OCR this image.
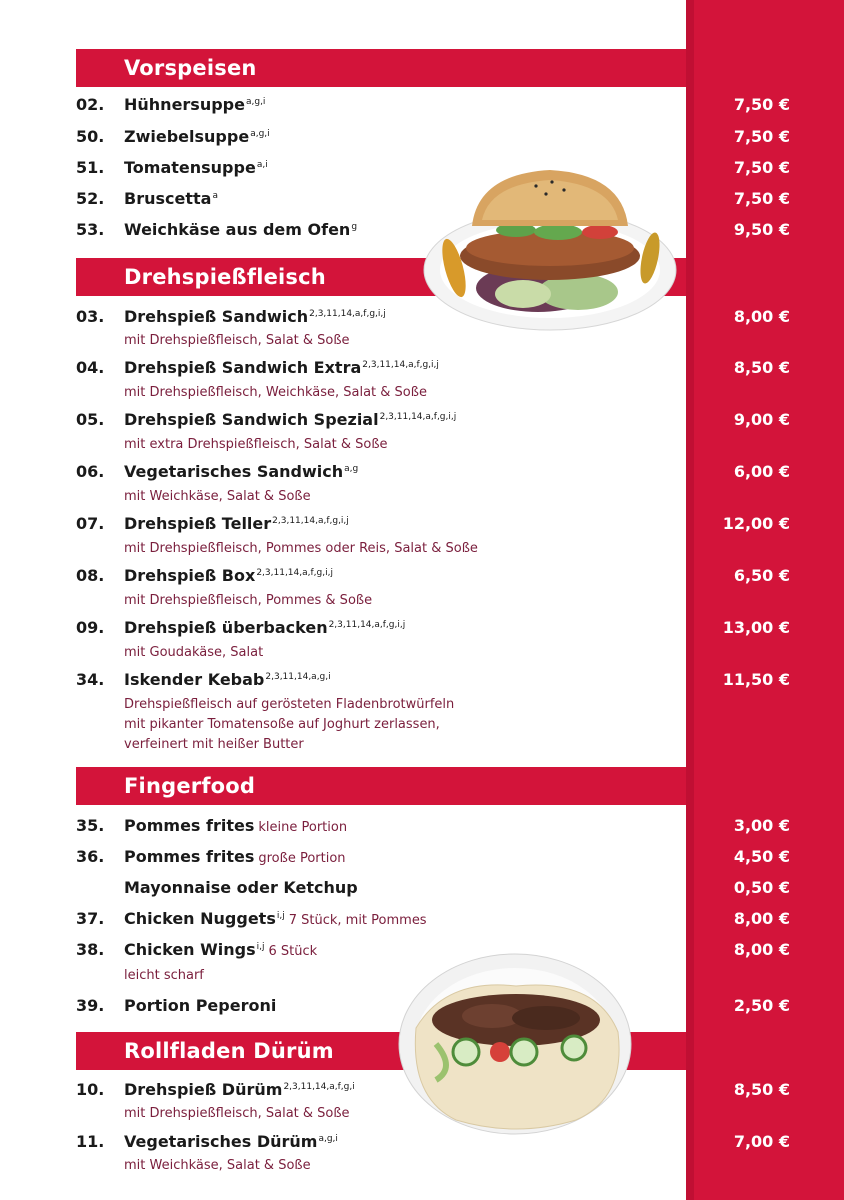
Vorspeisen
Drehspießfleisch
Fingerfood
Rollfladen Dürüm
02.	Hühnersuppe$^{a,g,i}$	7,50 €
50.	Zwiebelsuppe$^{a,g,i}$	7,50 €
51.	Tomatensuppe$^{a,i}$	7,50 €
52.	Bruscetta$^a$	7,50 €
53.	Weichkäse aus dem Ofen$^g$	9,50 €
03.	Drehspieß Sandwich$^{2,3,11,14,a,f,g,i,j}$	8,00 €
mit Drehspießfleisch, Salat & Soße
04.	Drehspieß Sandwich Extra$^{2,3,11,14,a,f,g,i,j}$	8,50 €
mit Drehspießfleisch, Weichkäse, Salat & Soße
05.	Drehspieß Sandwich Spezial$^{2,3,11,14,a,f,g,i,j}$	9,00 €
mit extra Drehspießfleisch, Salat & Soße
06.	Vegetarisches Sandwich$^{a,g}$	6,00 €
mit Weichkäse, Salat & Soße
07.	Drehspieß Teller$^{2,3,11,14,a,f,g,i,j}$	12,00 €
mit Drehspießfleisch, Pommes oder Reis, Salat & Soße
08.	Drehspieß Box$^{2,3,11,14,a,f,g,i,j}$	6,50 €
mit Drehspießfleisch, Pommes & Soße
09.	Drehspieß überbacken$^{2,3,11,14,a,f,g,i,j}$	13,00 €
mit Goudakäse, Salat
34.	Iskender Kebab$^{2,3,11,14,a,g,i}$	11,50 €
Drehspießfleisch auf gerösteten Fladenbrotwürfeln
mit pikanter Tomatensoße auf Joghurt zerlassen,
verfeinert mit heißer Butter
35.	Pommes frites kleine Portion	3,00 €
36.	Pommes frites große Portion	4,50 €
Mayonnaise oder Ketchup	0,50 €
37.	Chicken Nuggets$^{i,j}$ 7 Stück, mit Pommes	8,00 €
38.	Chicken Wings$^{i,j}$ 6 Stück	8,00 €
leicht scharf
39.	Portion Peperoni	2,50 €
10.	Drehspieß Dürüm$^{2,3,11,14,a,f,g,i}$	8,50 €
mit Drehspießfleisch, Salat & Soße
11.	Vegetarisches Dürüm$^{a,g,i}$	7,00 €
mit Weichkäse, Salat & Soße
